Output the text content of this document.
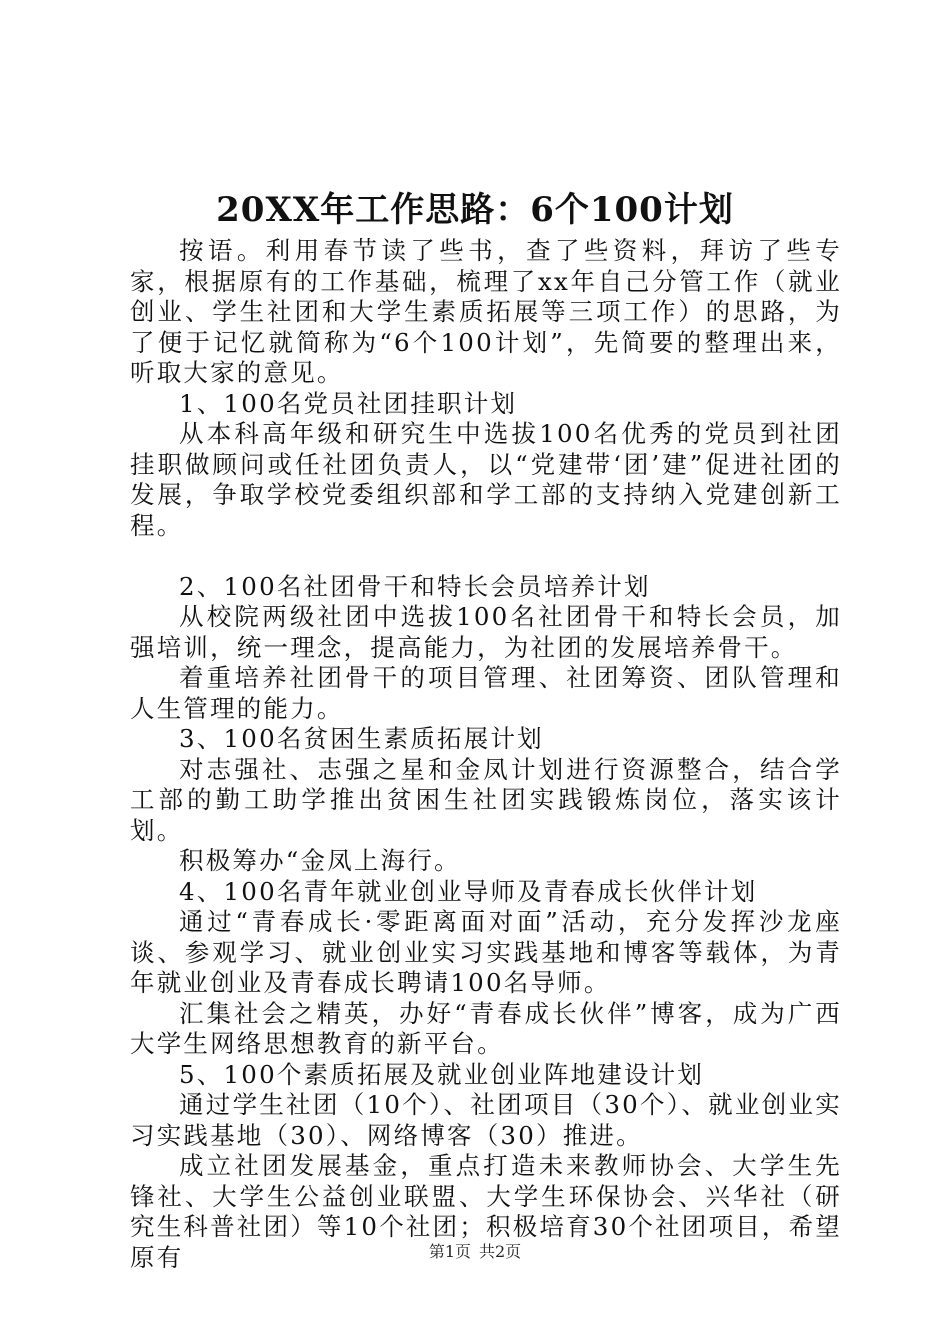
20XX年工作思路：6个100计划

按语。利用春节读了些书，查了些资料，拜访了些专家，根据原有的工作基础，梳理了xx年自己分管工作（就业创业、学生社团和大学生素质拓展等三项工作）的思路，为了便于记忆就简称为“6个100计划”，先简要的整理出来，听取大家的意见。

1、100名党员社团挂职计划

从本科高年级和研究生中选拔100名优秀的党员到社团挂职做顾问或任社团负责人，以“党建带‘团’建”促进社团的发展，争取学校党委组织部和学工部的支持纳入党建创新工程。

2、100名社团骨干和特长会员培养计划

从校院两级社团中选拔100名社团骨干和特长会员，加强培训，统一理念，提高能力，为社团的发展培养骨干。

着重培养社团骨干的项目管理、社团筹资、团队管理和人生管理的能力。

3、100名贫困生素质拓展计划

对志强社、志强之星和金凤计划进行资源整合，结合学工部的勤工助学推出贫困生社团实践锻炼岗位，落实该计划。

积极筹办“金凤上海行。

4、100名青年就业创业导师及青春成长伙伴计划

通过“青春成长·零距离面对面”活动，充分发挥沙龙座谈、参观学习、就业创业实习实践基地和博客等载体，为青年就业创业及青春成长聘请100名导师。

汇集社会之精英，办好“青春成长伙伴”博客，成为广西大学生网络思想教育的新平台。

5、100个素质拓展及就业创业阵地建设计划

通过学生社团（10个）、社团项目（30个）、就业创业实习实践基地（30）、网络博客（30）推进。

成立社团发展基金，重点打造未来教师协会、大学生先锋社、大学生公益创业联盟、大学生环保协会、兴华社（研究生科普社团）等10个社团；积极培育30个社团项目，希望原有	第1页 共2页
